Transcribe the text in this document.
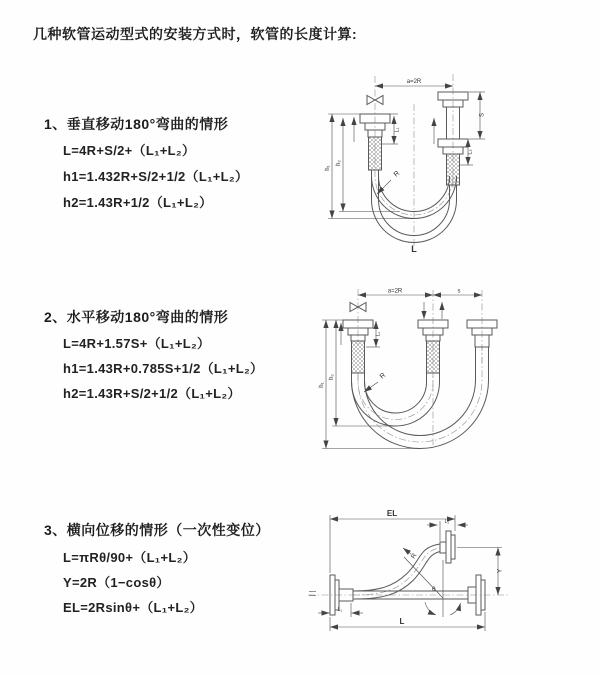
几种软管运动型式的安装方式时，软管的长度计算:
1、垂直移动180°弯曲的情形
L=4R+S/2+（L₁+L₂）
h1=1.432R+S/2+1/2（L₁+L₂）
h2=1.43R+1/2（L₁+L₂）
2、水平移动180°弯曲的情形
L=4R+1.57S+（L₁+L₂）
h1=1.43R+0.785S+1/2（L₁+L₂）
h2=1.43R+S/2+1/2（L₁+L₂）
3、横向位移的情形（一次性变位）
L=πRθ/90+（L₁+L₂）
Y=2R（1−cosθ）
EL=2Rsinθ+（L₁+L₂）
a=2R
L₁
S
L₂
h₁
h₂
R
L
a=2R	s
L₁
h₁
h₂	R
EL
L₂
Y
R
θ
L
L₁
